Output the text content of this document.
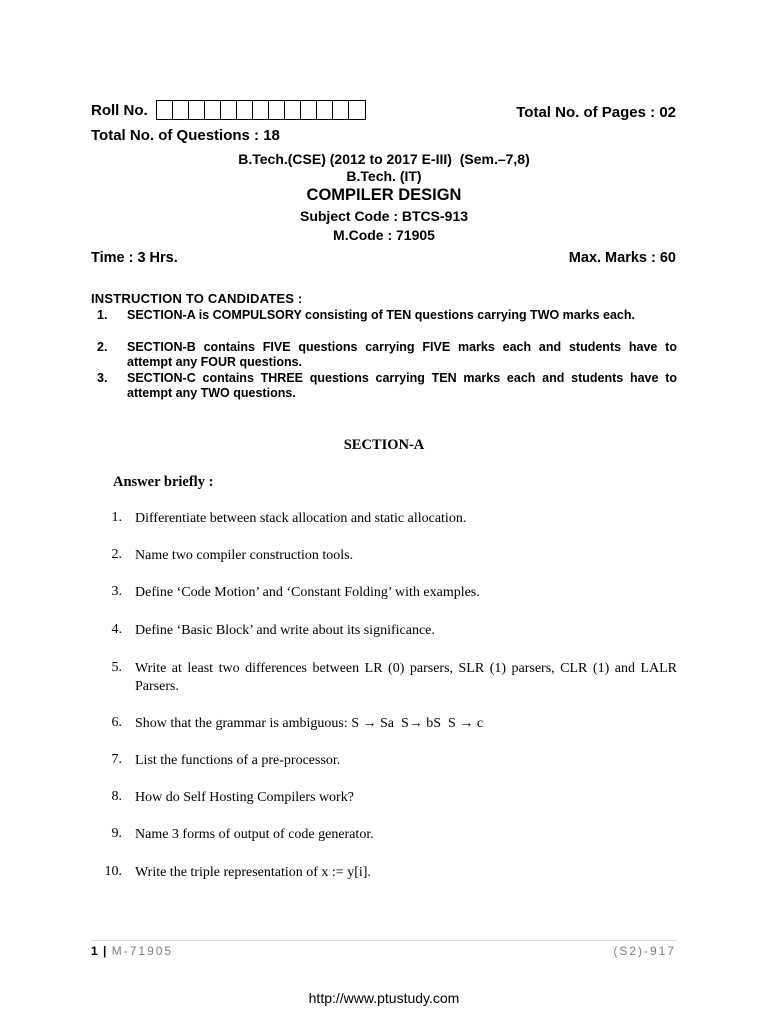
Roll No.	Total No. of Pages : 02
Total No. of Questions : 18
B.Tech.(CSE) (2012 to 2017 E-III)  (Sem.–7,8)
B.Tech. (IT)
COMPILER DESIGN
Subject Code : BTCS-913
M.Code : 71905
Time : 3 Hrs.	Max. Marks : 60
INSTRUCTION TO CANDIDATES :
1. SECTION-A is COMPULSORY consisting of TEN questions carrying TWO marks each.
2. SECTION-B contains FIVE questions carrying FIVE marks each and students have to attempt any FOUR questions.
3. SECTION-C contains THREE questions carrying TEN marks each and students have to attempt any TWO questions.
SECTION-A
Answer briefly :
1. Differentiate between stack allocation and static allocation.
2. Name two compiler construction tools.
3. Define ‘Code Motion’ and ‘Constant Folding’ with examples.
4. Define ‘Basic Block’ and write about its significance.
5. Write at least two differences between LR (0) parsers, SLR (1) parsers, CLR (1) and LALR Parsers.
6. Show that the grammar is ambiguous: S → Sa  S→ bS  S → c
7. List the functions of a pre-processor.
8. How do Self Hosting Compilers work?
9. Name 3 forms of output of code generator.
10. Write the triple representation of x := y[i].
1 | M-71905	(S2)-917
http://www.ptustudy.com
